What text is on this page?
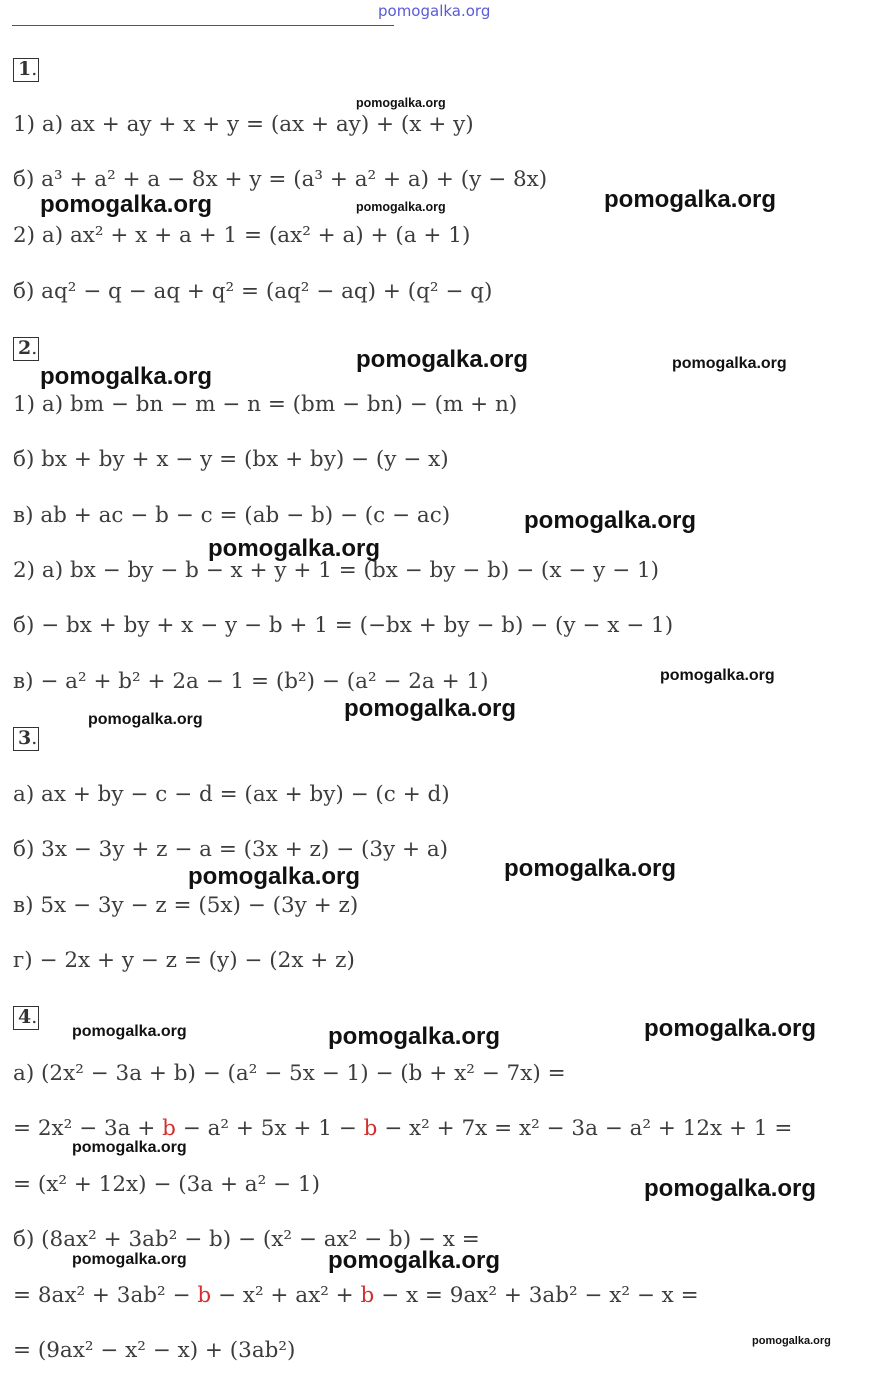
pomogalka.org
1.
1) а) ax + ay + x + y = (ax + ay) + (x + y)
б) a³ + a² + a − 8x + y = (a³ + a² + a) + (y − 8x)
2) а) ax² + x + a + 1 = (ax² + a) + (a + 1)
б) aq² − q − aq + q² = (aq² − aq) + (q² − q)
2.
1) а) bm − bn − m − n = (bm − bn) − (m + n)
б) bx + by + x − y = (bx + by) − (y − x)
в) ab + ac − b − c = (ab − b) − (c − ac)
2) а) bx − by − b − x + y + 1 = (bx − by − b) − (x − y − 1)
б) − bx + by + x − y − b + 1 = (−bx + by − b) − (y − x − 1)
в) − a² + b² + 2a − 1 = (b²) − (a² − 2a + 1)
3.
а) ax + by − c − d = (ax + by) − (c + d)
б) 3x − 3y + z − a = (3x + z) − (3y + a)
в) 5x − 3y − z = (5x) − (3y + z)
г) − 2x + y − z = (y) − (2x + z)
4.
а) (2x² − 3a + b) − (a² − 5x − 1) − (b + x² − 7x) =
= 2x² − 3a + b − a² + 5x + 1 − b − x² + 7x = x² − 3a − a² + 12x + 1 =
= (x² + 12x) − (3a + a² − 1)
б) (8ax² + 3ab² − b) − (x² − ax² − b) − x =
= 8ax² + 3ab² − b − x² + ax² + b − x = 9ax² + 3ab² − x² − x =
= (9ax² − x² − x) + (3ab²)
pomogalka.org
pomogalka.org	pomogalka.org	pomogalka.org
pomogalka.org	pomogalka.org
pomogalka.org
pomogalka.org
pomogalka.org
pomogalka.org
pomogalka.org
pomogalka.org
pomogalka.org
pomogalka.org
pomogalka.org	pomogalka.org	pomogalka.org
pomogalka.org
pomogalka.org
pomogalka.org	pomogalka.org
pomogalka.org
